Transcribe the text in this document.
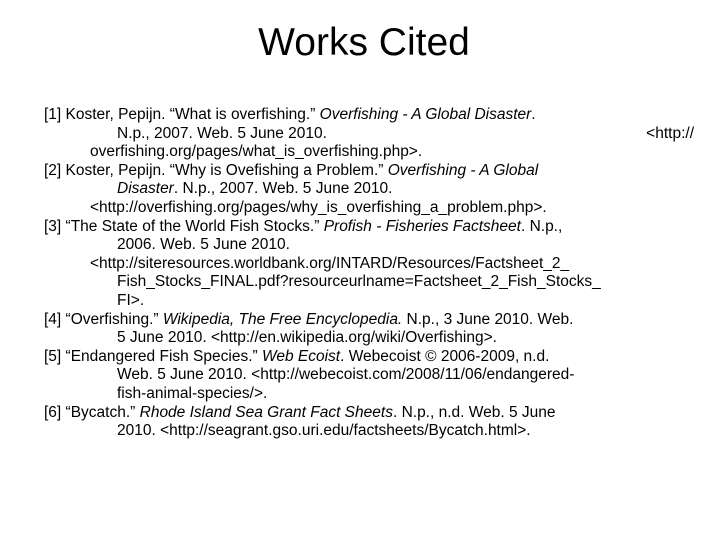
Works Cited
[1] Koster, Pepijn. “What is overfishing.” Overfishing - A Global Disaster.
N.p., 2007. Web. 5 June 2010.	<http://
overfishing.org/pages/what_is_overfishing.php>.
[2] Koster, Pepijn. “Why is Ovefishing a Problem.” Overfishing - A Global
Disaster. N.p., 2007. Web. 5 June 2010.
<http://overfishing.org/pages/why_is_overfishing_a_problem.php>.
[3] “The State of the World Fish Stocks.” Profish - Fisheries Factsheet. N.p.,
2006. Web. 5 June 2010.
<http://siteresources.worldbank.org/INTARD/Resources/Factsheet_2_
Fish_Stocks_FINAL.pdf?resourceurlname=Factsheet_2_Fish_Stocks_
FI>.
[4] “Overfishing.” Wikipedia, The Free Encyclopedia. N.p., 3 June 2010. Web.
5 June 2010. <http://en.wikipedia.org/wiki/Overfishing>.
[5] “Endangered Fish Species.” Web Ecoist. Webecoist © 2006-2009, n.d.
Web. 5 June 2010. <http://webecoist.com/2008/11/06/endangered-
fish-animal-species/>.
[6] “Bycatch.” Rhode Island Sea Grant Fact Sheets. N.p., n.d. Web. 5 June
2010. <http://seagrant.gso.uri.edu/factsheets/Bycatch.html>.
